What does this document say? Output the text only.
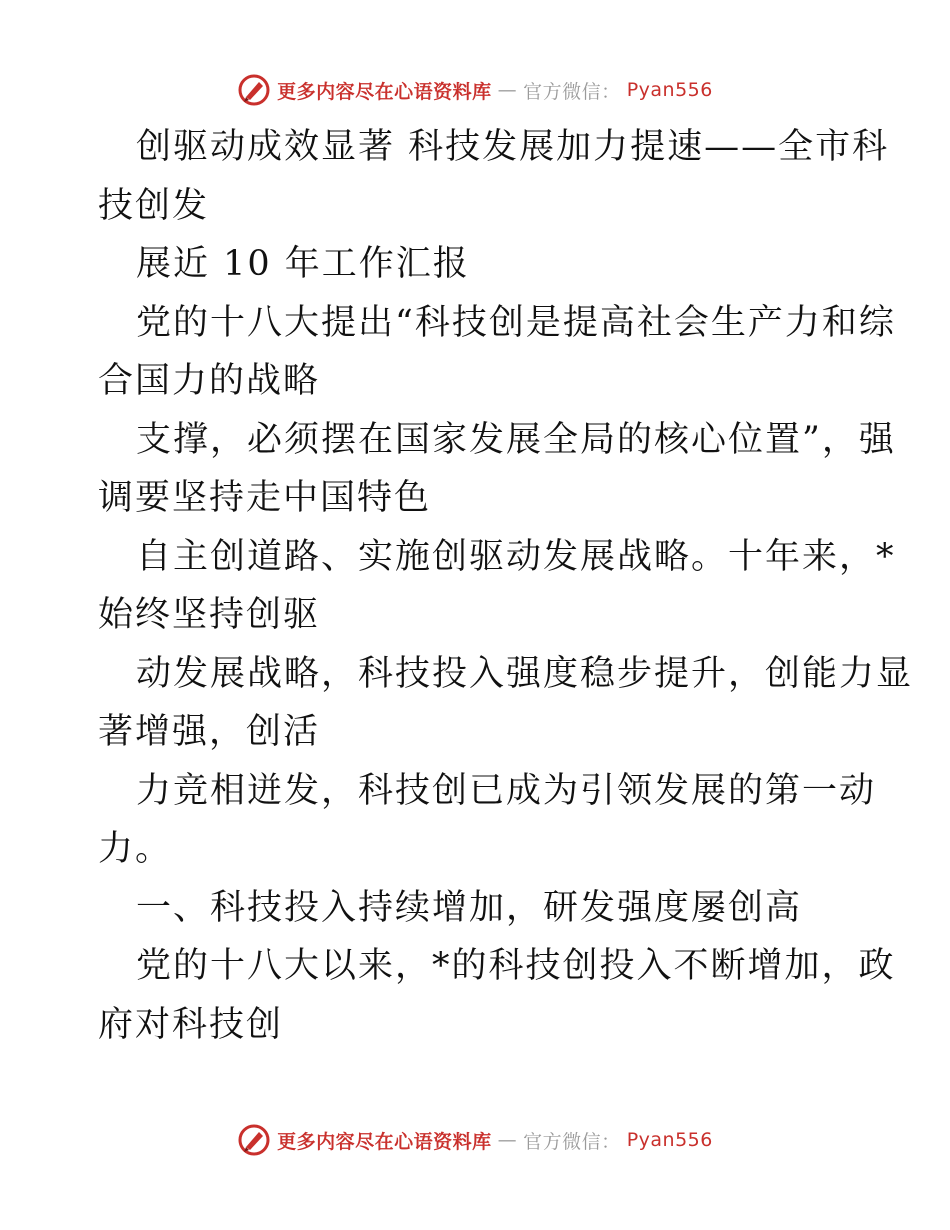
更多内容尽在心语资料库 — 官方微信： Pyan556
创驱动成效显著 科技发展加力提速——全市科
技创发
展近 10 年工作汇报
党的十八大提出“科技创是提高社会生产力和综
合国力的战略
支撑，必须摆在国家发展全局的核心位置”，强
调要坚持走中国特色
自主创道路、实施创驱动发展战略。十年来，*
始终坚持创驱
动发展战略，科技投入强度稳步提升，创能力显
著增强，创活
力竞相迸发，科技创已成为引领发展的第一动
力。
一、科技投入持续增加，研发强度屡创高
党的十八大以来，*的科技创投入不断增加，政
府对科技创
更多内容尽在心语资料库 — 官方微信： Pyan556
